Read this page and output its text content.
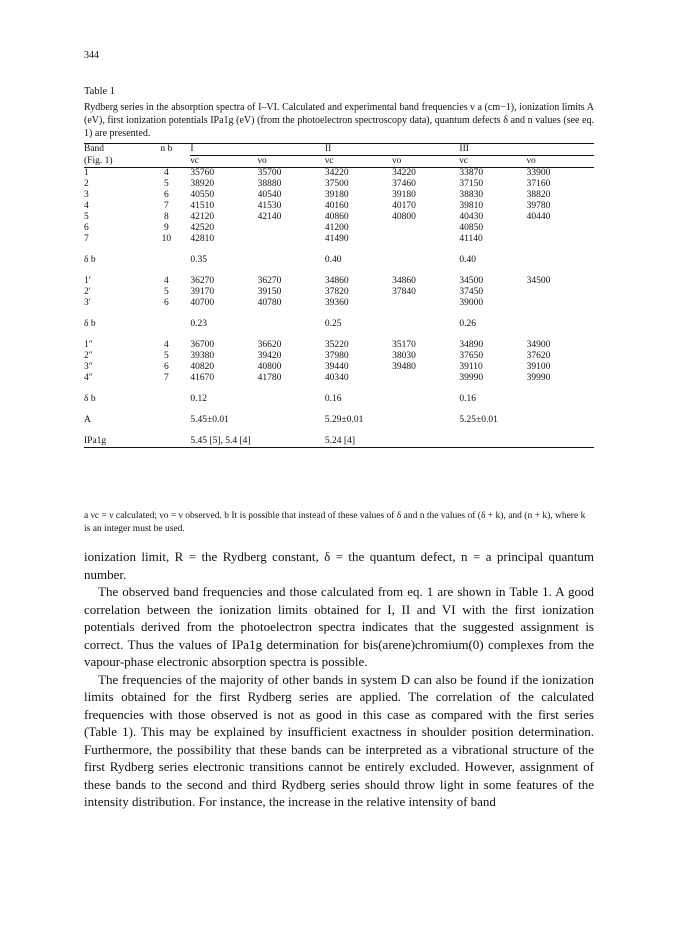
344
Table 1
Rydberg series in the absorption spectra of I–VI. Calculated and experimental band frequencies ν a (cm−1), ionization limits A (eV), first ionization potentials IPa1g (eV) (from the photoelectron spectroscopy data), quantum defects δ and n values (see eq. 1) are presented.
Band	n b	I		II		III	
(Fig. 1)		νc	νo	νc	νo	νc	νo
1	4	35760	35700	34220	34220	33870	33900
2	5	38920	38880	37500	37460	37150	37160
3	6	40550	40540	39180	39180	38830	38820
4	7	41510	41530	40160	40170	39810	39780
5	8	42120	42140	40860	40800	40430	40440
6	9	42520		41200		40850	
7	10	42810		41490		41140	

δ b		0.35		0.40		0.40	

1′	4	36270	36270	34860	34860	34500	34500
2′	5	39170	39150	37820	37840	37450	
3′	6	40700	40780	39360		39000	

δ b		0.23		0.25		0.26	

1″	4	36700	36620	35220	35170	34890	34900
2″	5	39380	39420	37980	38030	37650	37620
3″	6	40820	40800	39440	39480	39110	39100
4″	7	41670	41780	40340		39990	39990

δ b		0.12		0.16		0.16	

A		5.45±0.01		5.29±0.01		5.25±0.01	

IPa1g		5.45 [5], 5.4 [4]		5.24 [4]			
a νc = ν calculated; νo = ν observed. b It is possible that instead of these values of δ and n the values of (δ + k), and (n + k), where k is an integer must be used.

ionization limit, R = the Rydberg constant, δ = the quantum defect, n = a principal quantum number.

The observed band frequencies and those calculated from eq. 1 are shown in Table 1. A good correlation between the ionization limits obtained for I, II and VI with the first ionization potentials derived from the photoelectron spectra indicates that the suggested assignment is correct. Thus the values of IPa1g determination for bis(arene)chromium(0) complexes from the vapour-phase electronic absorption spectra is possible.

The frequencies of the majority of other bands in system D can also be found if the ionization limits obtained for the first Rydberg series are applied. The correlation of the calculated frequencies with those observed is not as good in this case as compared with the first series (Table 1). This may be explained by insufficient exactness in shoulder position determination. Furthermore, the possibility that these bands can be interpreted as a vibrational structure of the first Rydberg series electronic transitions cannot be entirely excluded. However, assignment of these bands to the second and third Rydberg series should throw light in some features of the intensity distribution. For instance, the increase in the relative intensity of band
